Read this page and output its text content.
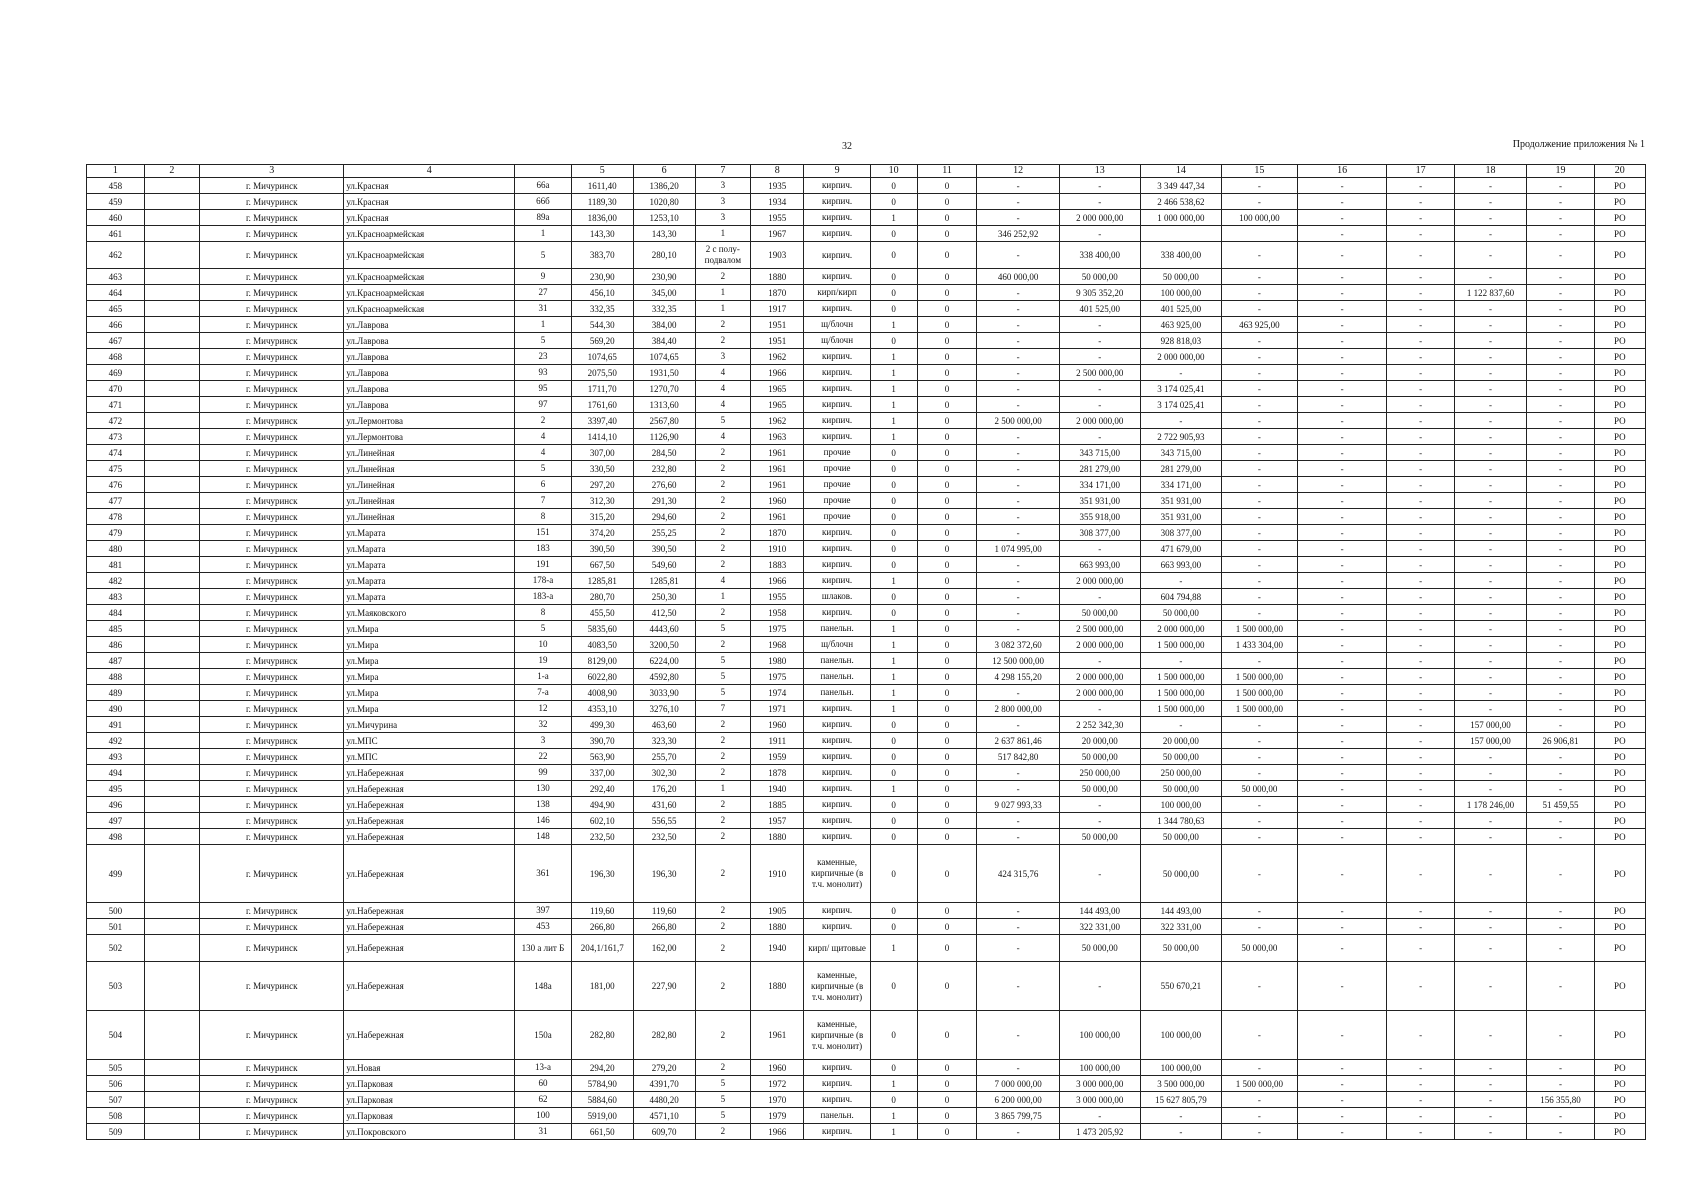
32	Продолжение приложения № 1
1	2	3	4		5	6	7	8	9	10	11	12	13	14	15	16	17	18	19	20
458		г. Мичуринск	ул.Красная	66а	1611,40	1386,20	3	1935	кирпич.	0	0	-	-	3 349 447,34	-	-	-	-	-	РО
459		г. Мичуринск	ул.Красная	66б	1189,30	1020,80	3	1934	кирпич.	0	0	-	-	2 466 538,62	-	-	-	-	-	РО
460		г. Мичуринск	ул.Красная	89а	1836,00	1253,10	3	1955	кирпич.	1	0	-	2 000 000,00	1 000 000,00	100 000,00	-	-	-	-	РО
461		г. Мичуринск	ул.Красноармейская	1	143,30	143,30	1	1967	кирпич.	0	0	346 252,92	-			-	-	-	-	РО
462		г. Мичуринск	ул.Красноармейская	5	383,70	280,10	2 с полу- подвалом	1903	кирпич.	0	0	-	338 400,00	338 400,00	-	-	-	-	-	РО
463		г. Мичуринск	ул.Красноармейская	9	230,90	230,90	2	1880	кирпич.	0	0	460 000,00	50 000,00	50 000,00	-	-	-	-	-	РО
464		г. Мичуринск	ул.Красноармейская	27	456,10	345,00	1	1870	кирп/кирп	0	0	-	9 305 352,20	100 000,00	-	-	-	1 122 837,60	-	РО
465		г. Мичуринск	ул.Красноармейская	31	332,35	332,35	1	1917	кирпич.	0	0	-	401 525,00	401 525,00	-	-	-	-	-	РО
466		г. Мичуринск	ул.Лаврова	1	544,30	384,00	2	1951	щ/блочн	1	0	-	-	463 925,00	463 925,00	-	-	-	-	РО
467		г. Мичуринск	ул.Лаврова	5	569,20	384,40	2	1951	щ/блочн	0	0	-	-	928 818,03	-	-	-	-	-	РО
468		г. Мичуринск	ул.Лаврова	23	1074,65	1074,65	3	1962	кирпич.	1	0	-	-	2 000 000,00	-	-	-	-	-	РО
469		г. Мичуринск	ул.Лаврова	93	2075,50	1931,50	4	1966	кирпич.	1	0	-	2 500 000,00	-	-	-	-	-	-	РО
470		г. Мичуринск	ул.Лаврова	95	1711,70	1270,70	4	1965	кирпич.	1	0	-	-	3 174 025,41	-	-	-	-	-	РО
471		г. Мичуринск	ул.Лаврова	97	1761,60	1313,60	4	1965	кирпич.	1	0	-	-	3 174 025,41	-	-	-	-	-	РО
472		г. Мичуринск	ул.Лермонтова	2	3397,40	2567,80	5	1962	кирпич.	1	0	2 500 000,00	2 000 000,00	-	-	-	-	-	-	РО
473		г. Мичуринск	ул.Лермонтова	4	1414,10	1126,90	4	1963	кирпич.	1	0	-	-	2 722 905,93	-	-	-	-	-	РО
474		г. Мичуринск	ул.Линейная	4	307,00	284,50	2	1961	прочие	0	0	-	343 715,00	343 715,00	-	-	-	-	-	РО
475		г. Мичуринск	ул.Линейная	5	330,50	232,80	2	1961	прочие	0	0	-	281 279,00	281 279,00	-	-	-	-	-	РО
476		г. Мичуринск	ул.Линейная	6	297,20	276,60	2	1961	прочие	0	0	-	334 171,00	334 171,00	-	-	-	-	-	РО
477		г. Мичуринск	ул.Линейная	7	312,30	291,30	2	1960	прочие	0	0	-	351 931,00	351 931,00	-	-	-	-	-	РО
478		г. Мичуринск	ул.Линейная	8	315,20	294,60	2	1961	прочие	0	0	-	355 918,00	351 931,00	-	-	-	-	-	РО
479		г. Мичуринск	ул.Марата	151	374,20	255,25	2	1870	кирпич.	0	0	-	308 377,00	308 377,00	-	-	-	-	-	РО
480		г. Мичуринск	ул.Марата	183	390,50	390,50	2	1910	кирпич.	0	0	1 074 995,00	-	471 679,00	-	-	-	-	-	РО
481		г. Мичуринск	ул.Марата	191	667,50	549,60	2	1883	кирпич.	0	0	-	663 993,00	663 993,00	-	-	-	-	-	РО
482		г. Мичуринск	ул.Марата	178-а	1285,81	1285,81	4	1966	кирпич.	1	0	-	2 000 000,00	-	-	-	-	-	-	РО
483		г. Мичуринск	ул.Марата	183-а	280,70	250,30	1	1955	шлаков.	0	0	-	-	604 794,88	-	-	-	-	-	РО
484		г. Мичуринск	ул.Маяковского	8	455,50	412,50	2	1958	кирпич.	0	0	-	50 000,00	50 000,00	-	-	-	-	-	РО
485		г. Мичуринск	ул.Мира	5	5835,60	4443,60	5	1975	панельн.	1	0	-	2 500 000,00	2 000 000,00	1 500 000,00	-	-	-	-	РО
486		г. Мичуринск	ул.Мира	10	4083,50	3200,50	2	1968	щ/блочн	1	0	3 082 372,60	2 000 000,00	1 500 000,00	1 433 304,00	-	-	-	-	РО
487		г. Мичуринск	ул.Мира	19	8129,00	6224,00	5	1980	панельн.	1	0	12 500 000,00	-	-	-	-	-	-	-	РО
488		г. Мичуринск	ул.Мира	1-а	6022,80	4592,80	5	1975	панельн.	1	0	4 298 155,20	2 000 000,00	1 500 000,00	1 500 000,00	-	-	-	-	РО
489		г. Мичуринск	ул.Мира	7-а	4008,90	3033,90	5	1974	панельн.	1	0	-	2 000 000,00	1 500 000,00	1 500 000,00	-	-	-	-	РО
490		г. Мичуринск	ул.Мира	12	4353,10	3276,10	7	1971	кирпич.	1	0	2 800 000,00	-	1 500 000,00	1 500 000,00	-	-	-	-	РО
491		г. Мичуринск	ул.Мичурина	32	499,30	463,60	2	1960	кирпич.	0	0	-	2 252 342,30	-	-	-	-	157 000,00	-	РО
492		г. Мичуринск	ул.МПС	3	390,70	323,30	2	1911	кирпич.	0	0	2 637 861,46	20 000,00	20 000,00	-	-	-	157 000,00	26 906,81	РО
493		г. Мичуринск	ул.МПС	22	563,90	255,70	2	1959	кирпич.	0	0	517 842,80	50 000,00	50 000,00	-	-	-	-	-	РО
494		г. Мичуринск	ул.Набережная	99	337,00	302,30	2	1878	кирпич.	0	0	-	250 000,00	250 000,00	-	-	-	-	-	РО
495		г. Мичуринск	ул.Набережная	130	292,40	176,20	1	1940	кирпич.	1	0	-	50 000,00	50 000,00	50 000,00	-	-	-	-	РО
496		г. Мичуринск	ул.Набережная	138	494,90	431,60	2	1885	кирпич.	0	0	9 027 993,33	-	100 000,00	-	-	-	1 178 246,00	51 459,55	РО
497		г. Мичуринск	ул.Набережная	146	602,10	556,55	2	1957	кирпич.	0	0	-	-	1 344 780,63	-	-	-	-	-	РО
498		г. Мичуринск	ул.Набережная	148	232,50	232,50	2	1880	кирпич.	0	0	-	50 000,00	50 000,00	-	-	-	-	-	РО
499		г. Мичуринск	ул.Набережная	361	196,30	196,30	2	1910	каменные, кирпичные (в т.ч. монолит)	0	0	424 315,76	-	50 000,00	-	-	-	-	-	РО
500		г. Мичуринск	ул.Набережная	397	119,60	119,60	2	1905	кирпич.	0	0	-	144 493,00	144 493,00	-	-	-	-	-	РО
501		г. Мичуринск	ул.Набережная	453	266,80	266,80	2	1880	кирпич.	0	0	-	322 331,00	322 331,00	-	-	-	-	-	РО
502		г. Мичуринск	ул.Набережная	130 а лит Б	204,1/161,7	162,00	2	1940	кирп/ щитовые	1	0	-	50 000,00	50 000,00	50 000,00	-	-	-	-	РО
503		г. Мичуринск	ул.Набережная	148а	181,00	227,90	2	1880	каменные, кирпичные (в т.ч. монолит)	0	0	-	-	550 670,21	-	-	-	-	-	РО
504		г. Мичуринск	ул.Набережная	150а	282,80	282,80	2	1961	каменные, кирпичные (в т.ч. монолит)	0	0	-	100 000,00	100 000,00	-	-	-	-	-	РО
505		г. Мичуринск	ул.Новая	13-а	294,20	279,20	2	1960	кирпич.	0	0	-	100 000,00	100 000,00	-	-	-	-	-	РО
506		г. Мичуринск	ул.Парковая	60	5784,90	4391,70	5	1972	кирпич.	1	0	7 000 000,00	3 000 000,00	3 500 000,00	1 500 000,00	-	-	-	-	РО
507		г. Мичуринск	ул.Парковая	62	5884,60	4480,20	5	1970	кирпич.	0	0	6 200 000,00	3 000 000,00	15 627 805,79	-	-	-	-	156 355,80	РО
508		г. Мичуринск	ул.Парковая	100	5919,00	4571,10	5	1979	панельн.	1	0	3 865 799,75	-	-	-	-	-	-	-	РО
509		г. Мичуринск	ул.Покровского	31	661,50	609,70	2	1966	кирпич.	1	0	-	1 473 205,92	-	-	-	-	-	-	РО
